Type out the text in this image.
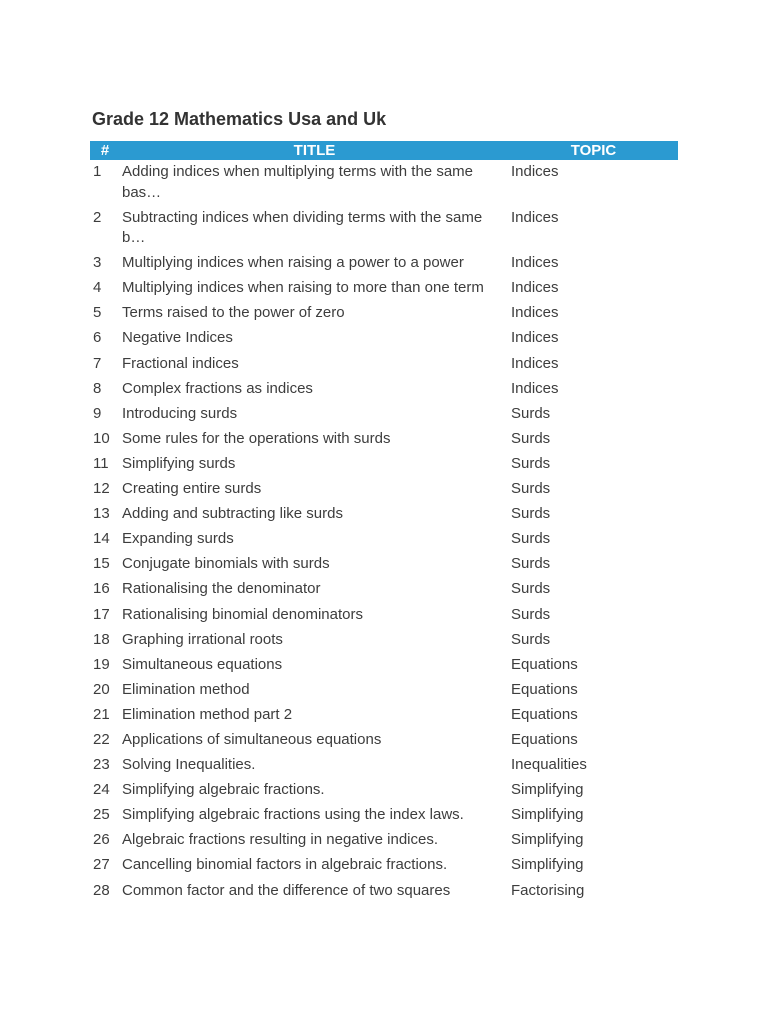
Grade 12 Mathematics Usa and Uk
#	TITLE	TOPIC
1	Adding indices when multiplying terms with the same bas…	Indices
2	Subtracting indices when dividing terms with the same b…	Indices
3	Multiplying indices when raising a power to a power	Indices
4	Multiplying indices when raising to more than one term	Indices
5	Terms raised to the power of zero	Indices
6	Negative Indices	Indices
7	Fractional indices	Indices
8	Complex fractions as indices	Indices
9	Introducing surds	Surds
10	Some rules for the operations with surds	Surds
11	Simplifying surds	Surds
12	Creating entire surds	Surds
13	Adding and subtracting like surds	Surds
14	Expanding surds	Surds
15	Conjugate binomials with surds	Surds
16	Rationalising the denominator	Surds
17	Rationalising binomial denominators	Surds
18	Graphing irrational roots	Surds
19	Simultaneous equations	Equations
20	Elimination method	Equations
21	Elimination method part 2	Equations
22	Applications of simultaneous equations	Equations
23	Solving Inequalities.	Inequalities
24	Simplifying algebraic fractions.	Simplifying
25	Simplifying algebraic fractions using the index laws.	Simplifying
26	Algebraic fractions resulting in negative indices.	Simplifying
27	Cancelling binomial factors in algebraic fractions.	Simplifying
28	Common factor and the difference of two squares	Factorising
